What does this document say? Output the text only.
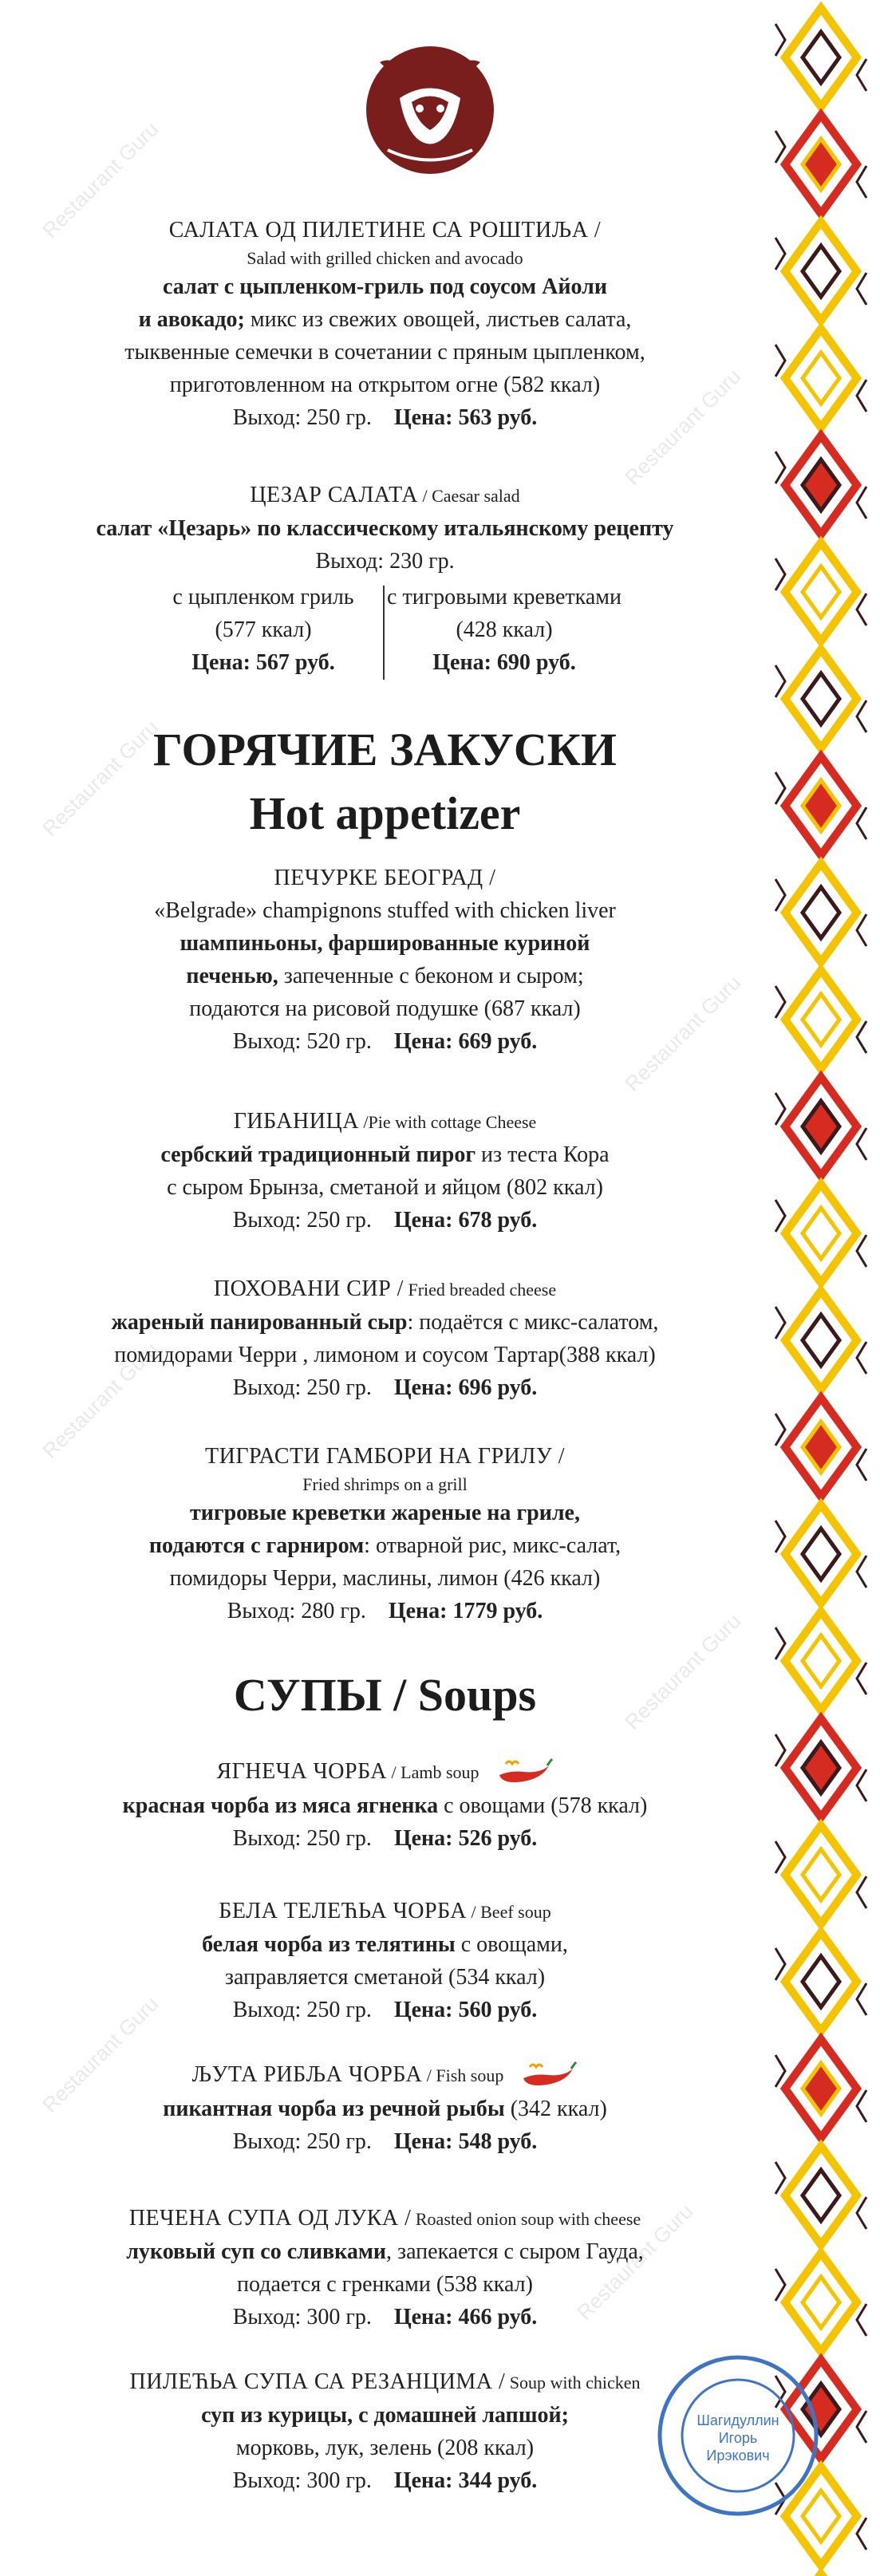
Restaurant Guru
Restaurant Guru
Restaurant Guru
Restaurant Guru
Restaurant Guru
Restaurant Guru
Restaurant Guru
Restaurant Guru
САЛАТА ОД ПИЛЕТИНЕ СА РОШТИЉА /
Salad with grilled chicken and avocado
салат с цыпленком-гриль под соусом Айоли
и авокадо; микс из свежих овощей, листьев салата,
тыквенные семечки в сочетании с пряным цыпленком,
приготовленном на открытом огне (582 ккал)
Выход: 250 гр. Цена: 563 руб.
ЦЕЗАР САЛАТА / Caesar salad
салат «Цезарь» по классическому итальянскому рецепту
Выход: 230 гр.
с цыпленком гриль
(577 ккал)
Цена: 567 руб.
с тигровыми креветками
(428 ккал)
Цена: 690 руб.
ГОРЯЧИЕ ЗАКУСКИ
Hot appetizer
ПЕЧУРКЕ БЕОГРАД /
«Belgrade» champignons stuffed with chicken liver
шампиньоны, фаршированные куриной
печенью, запеченные с беконом и сыром;
подаются на рисовой подушке (687 ккал)
Выход: 520 гр. Цена: 669 руб.
ГИБАНИЦА /Pie with cottage Cheese
сербский традиционный пирог из теста Кора
с сыром Брынза, сметаной и яйцом (802 ккал)
Выход: 250 гр. Цена: 678 руб.
ПОХОВАНИ СИР / Fried breaded cheese
жареный панированный сыр: подаётся с микс-салатом,
помидорами Черри , лимоном и соусом Тартар(388 ккал)
Выход: 250 гр. Цена: 696 руб.
ТИГРАСТИ ГАМБОРИ НА ГРИЛУ /
Fried shrimps on a grill
тигровые креветки жареные на гриле,
подаются с гарниром: отварной рис, микс-салат,
помидоры Черри, маслины, лимон (426 ккал)
Выход: 280 гр. Цена: 1779 руб.
СУПЫ / Soups
ЯГНЕЧА ЧОРБА / Lamb soup
красная чорба из мяса ягненка с овощами (578 ккал)
Выход: 250 гр. Цена: 526 руб.
БЕЛА ТЕЛЕЋЬА ЧОРБА / Beef soup
белая чорба из телятины с овощами,
заправляется сметаной (534 ккал)
Выход: 250 гр. Цена: 560 руб.
ЉУТА РИБЉА ЧОРБА / Fish soup
пикантная чорба из речной рыбы (342 ккал)
Выход: 250 гр. Цена: 548 руб.
ПЕЧЕНА СУПА ОД ЛУКА / Roasted onion soup with cheese
луковый суп со сливками, запекается с сыром Гауда,
подается с гренками (538 ккал)
Выход: 300 гр. Цена: 466 руб.
ПИЛЕЋЬА СУПА СА РЕЗАНЦИМА / Soup with chicken
суп из курицы, с домашней лапшой;
морковь, лук, зелень (208 ккал)
Выход: 300 гр. Цена: 344 руб.
Шагидуллин
Игорь
Ирэкович
